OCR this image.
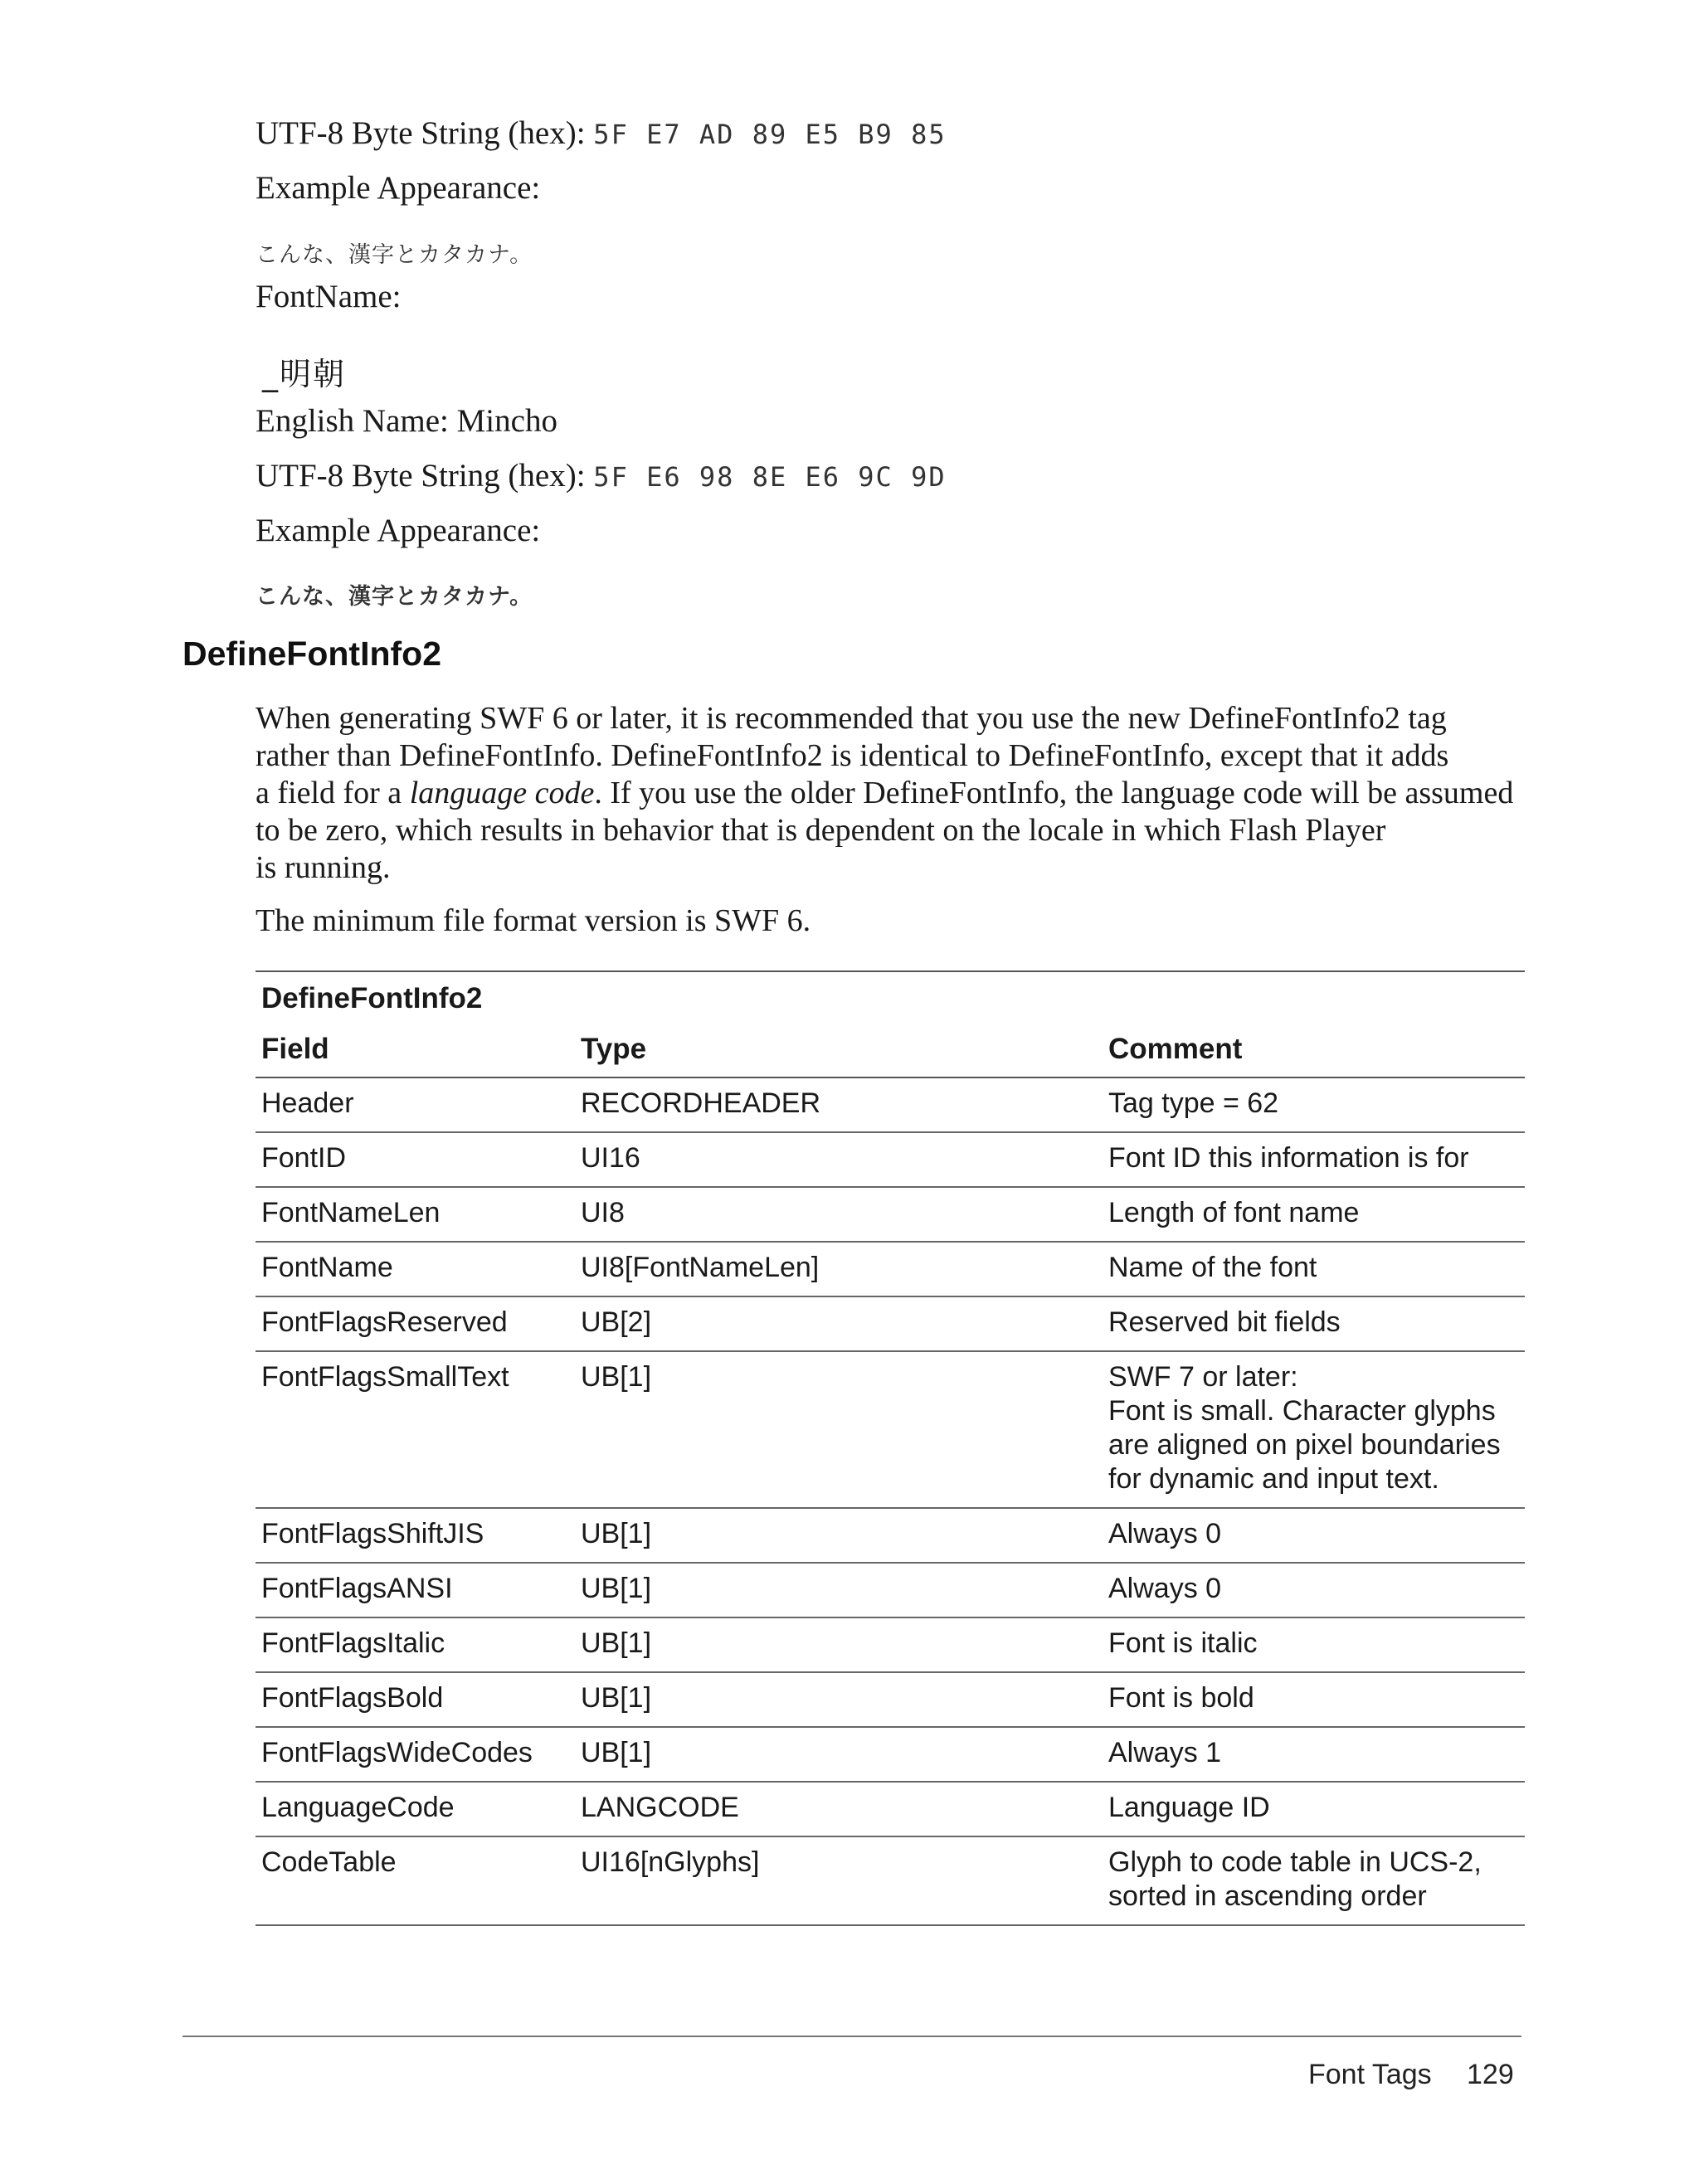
UTF-8 Byte String (hex): 5F E7 AD 89 E5 B9 85
Example Appearance:
こんな、漢字とカタカナ。
FontName:
_明朝
English Name: Mincho
UTF-8 Byte String (hex): 5F E6 98 8E E6 9C 9D
Example Appearance:
こんな、漢字とカタカナ。
DefineFontInfo2
When generating SWF 6 or later, it is recommended that you use the new DefineFontInfo2 tag
rather than DefineFontInfo. DefineFontInfo2 is identical to DefineFontInfo, except that it adds
a field for a language code. If you use the older DefineFontInfo, the language code will be assumed
to be zero, which results in behavior that is dependent on the locale in which Flash Player
is running.
The minimum file format version is SWF 6.
DefineFontInfo2
Field	Type	Comment
Header	RECORDHEADER	Tag type = 62
FontID	UI16	Font ID this information is for
FontNameLen	UI8	Length of font name
FontName	UI8[FontNameLen]	Name of the font
FontFlagsReserved	UB[2]	Reserved bit fields
FontFlagsSmallText	UB[1]	SWF 7 or later:
Font is small. Character glyphs
are aligned on pixel boundaries
for dynamic and input text.
FontFlagsShiftJIS	UB[1]	Always 0
FontFlagsANSI	UB[1]	Always 0
FontFlagsItalic	UB[1]	Font is italic
FontFlagsBold	UB[1]	Font is bold
FontFlagsWideCodes	UB[1]	Always 1
LanguageCode	LANGCODE	Language ID
CodeTable	UI16[nGlyphs]	Glyph to code table in UCS-2,
sorted in ascending order
Font Tags 129
